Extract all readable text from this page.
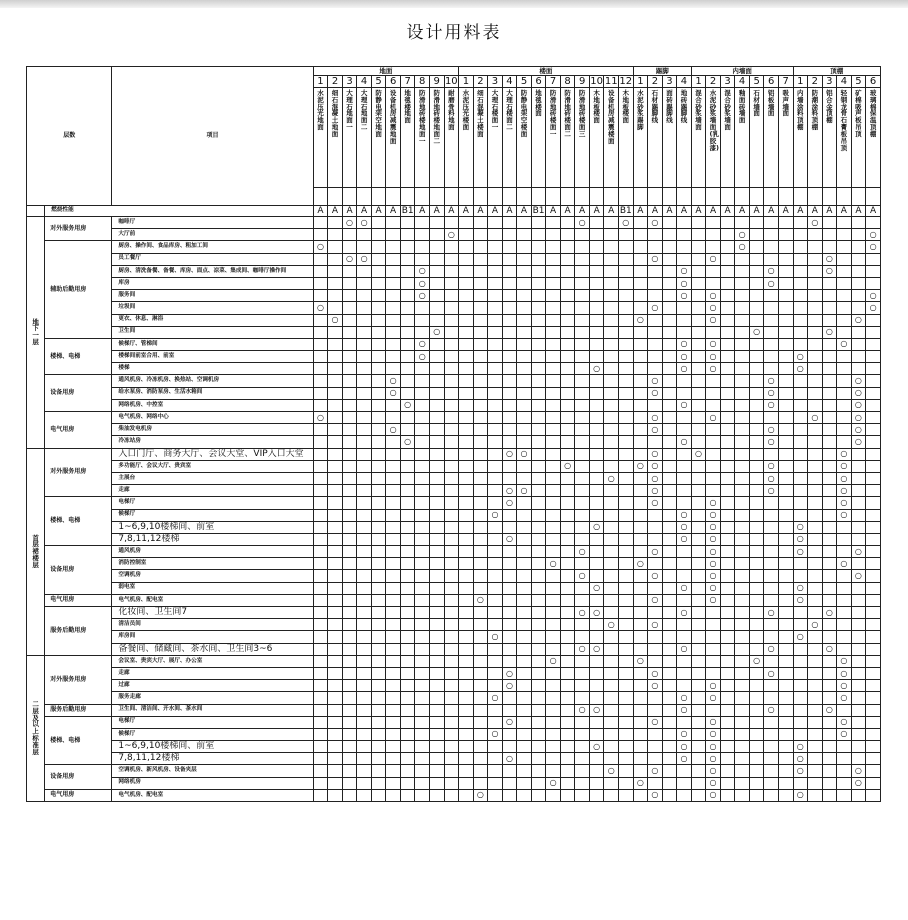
设计用料表
层数		项目	地面										楼面												踢脚				内墙面							顶棚					
			1	2	3	4	5	6	7	8	9	10	1	2	3	4	5	6	7	8	9	10	11	12	1	2	3	4	1	2	3	4	5	6	7	1	2	3	4	5	6
			水泥压光地面	细石混凝土地面	大理石地面一	大理石地面二	防静电架空地面	设备机房减震地面	地毯楼地面	防滑地砖楼地面一	防滑地砖楼地面二	耐磨骨料地面	水泥压光楼面	细石混凝土楼面	大理石楼面一	大理石楼面二	防静电架空楼面	地毯楼面	防滑地砖楼面一	防滑地砖楼面二	防滑地砖楼面三	木地板楼面	设备机房减震楼面	木地板楼面	水泥砂浆踢脚	石材踢脚线	面砖踢脚线	地砖踢脚线	混合砂浆墙面	水泥砂浆墙面(乳胶漆)	混合砂浆墙面	釉面砖墙面	石材墙面	铝板墙面	吸声墙面	内墙涂料顶棚	防潮涂料顶棚	铝合金顶棚	轻钢龙骨石膏板吊顶	矿棉吸声板吊顶	玻璃棉保温顶棚

	燃烧性能		A	A	A	A	A	A	B1	A	A	A	A	A	A	A	A	B1	A	A	A	A	A	B1	A	A	A	A	A	A	A	A	A	A	A	A	A	A	A	A	A
地下一层	对外服务用房	咖啡厅			○	○															○			○		○											○				
		大厅前										○																				○									○
	辅助后勤用房	厨房、操作间、食品库房、粗加工间	○																													○									○
		员工餐厅			○	○																				○				○								○			
		厨房、清洗备餐、备餐、库房、面点、凉菜、集成间、咖啡厅操作间								○																		○						○				○			
		库房								○																		○						○							
		服务间								○																		○		○											○
		垃圾间	○																							○				○											○
		更衣、休息、淋浴		○																					○					○										○	
		卫生间									○																						○					○			
	楼梯、电梯	候梯厅、管梯间								○																		○		○									○		
		楼梯间前室合用、前室								○																		○		○						○					
		楼梯																				○						○		○						○					
	设备用房	通风机房、冷冻机房、换热站、空调机房						○																		○								○						○	
		给水泵房、消防泵房、生活水箱间						○																		○								○						○	
		网络机房、中控室							○																			○						○						○	
	电气用房	电气机房、网络中心	○																							○				○							○			○	
		柴油发电机房						○																		○								○						○	
		冷冻站房							○																			○						○						○	
首层裙楼层	对外服务用房	入口门厅、商务大厅、会议大堂、VIP入口大堂														○	○									○			○										○		
		多功能厅、会议大厅、贵宾室																		○					○	○								○					○		
		主展台																					○			○								○					○		
		走廊														○	○									○								○					○		
	楼梯、电梯	电梯厅														○										○				○									○		
		候梯厅													○													○		○									○		
		1~6,9,10楼梯间、前室																				○						○		○						○					
		7,8,11,12楼梯														○												○		○						○					
	设备用房	通风机房																			○					○				○						○				○	
		消防控制室																	○						○					○									○		
		空调机房																			○					○				○										○	
		弱电室																				○						○		○						○					
	电气用房	电气机房、配电室												○												○				○						○					
	服务后勤用房	化妆间、卫生间7																			○	○						○						○				○			
		清洁员间																					○			○											○				
		库房间													○																					○					
		备餐间、储藏间、茶水间、卫生间3~6																			○	○						○						○				○			
二层及以上标准层	对外服务用房	会议室、贵宾大厅、展厅、办公室																	○						○								○						○		
		走廊														○										○								○					○		
		过廊														○										○				○									○		
		服务走廊													○													○		○									○		
	服务后勤用房	卫生间、清洁间、开水间、茶水间																			○	○						○						○				○			
	楼梯、电梯	电梯厅														○										○				○									○		
		候梯厅													○													○		○									○		
		1~6,9,10楼梯间、前室																				○						○		○						○					
		7,8,11,12楼梯														○												○		○						○					
	设备用房	空调机房、新风机房、设备夹层																					○			○				○						○				○	
		网络机房																	○						○					○										○	
	电气用房	电气机房、配电室												○												○				○						○					
